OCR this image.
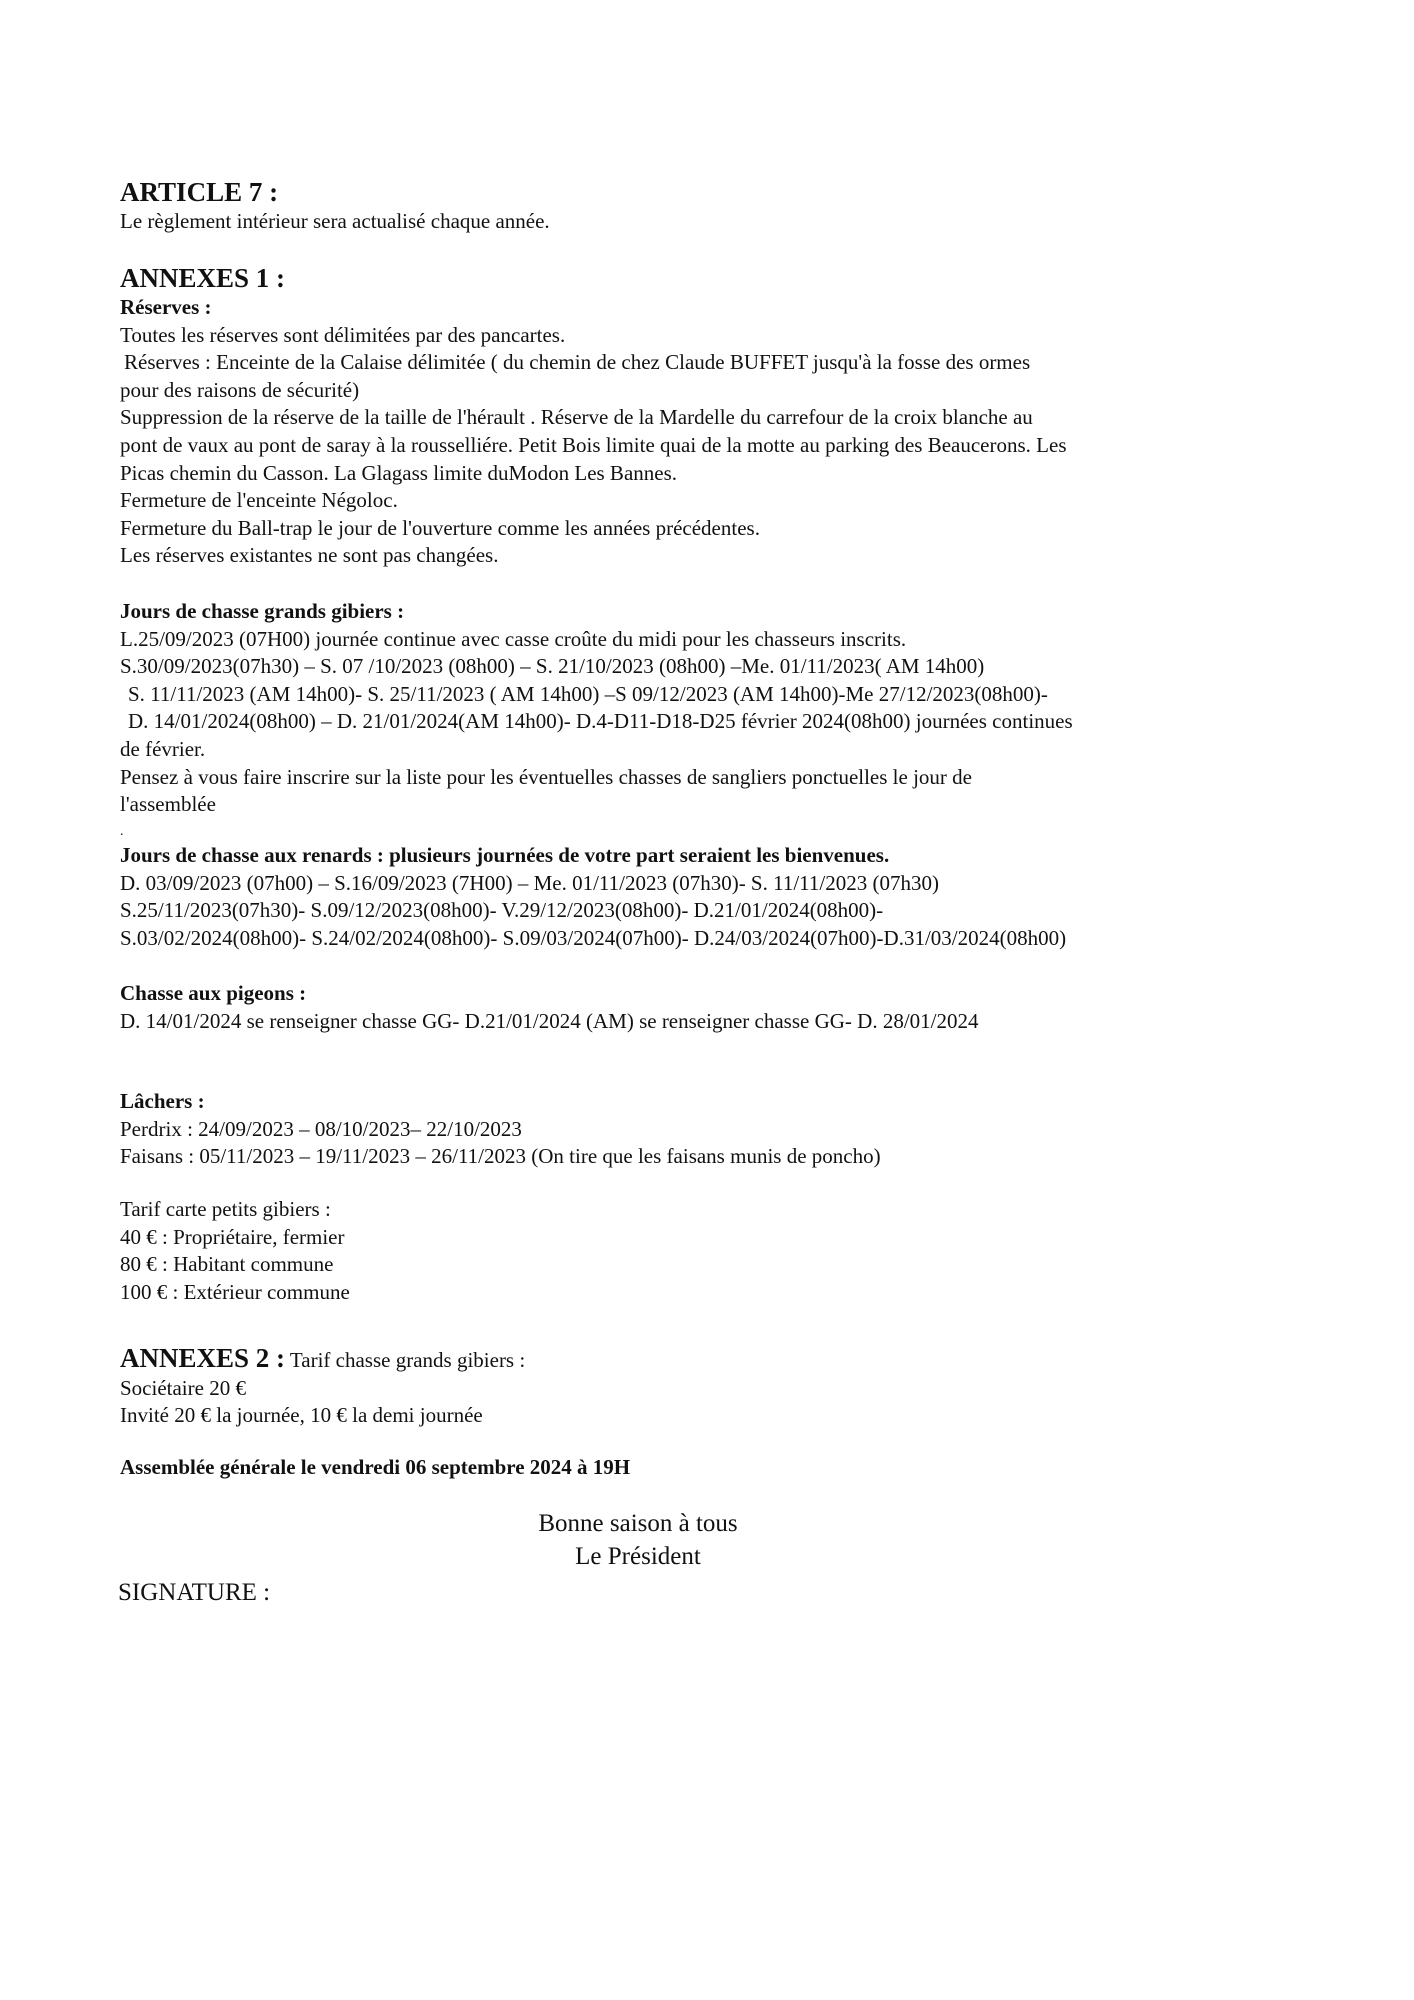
ARTICLE 7 :
Le règlement intérieur sera actualisé chaque année.
ANNEXES 1 :
Réserves :
Toutes les réserves sont délimitées par des pancartes.
Réserves : Enceinte de la Calaise délimitée ( du chemin de chez Claude BUFFET jusqu'à la fosse des ormes
pour des raisons de sécurité)
Suppression de la réserve de la taille de l'hérault . Réserve de la Mardelle du carrefour de la croix blanche au
pont de vaux au pont de saray à la rousselliére. Petit Bois limite quai de la motte au parking des Beaucerons. Les
Picas chemin du Casson. La Glagass limite duModon Les Bannes.
Fermeture de l'enceinte Négoloc.
Fermeture du Ball-trap le jour de l'ouverture comme les années précédentes.
Les réserves existantes ne sont pas changées.
Jours de chasse grands gibiers :
L.25/09/2023 (07H00) journée continue avec casse croûte du midi pour les chasseurs inscrits.
S.30/09/2023(07h30) – S. 07 /10/2023 (08h00) – S. 21/10/2023 (08h00) –Me. 01/11/2023( AM 14h00)
S. 11/11/2023 (AM 14h00)- S. 25/11/2023 ( AM 14h00) –S 09/12/2023 (AM 14h00)-Me 27/12/2023(08h00)-
D. 14/01/2024(08h00) – D. 21/01/2024(AM 14h00)- D.4-D11-D18-D25 février 2024(08h00) journées continues
de février.
Pensez à vous faire inscrire sur la liste pour les éventuelles chasses de sangliers ponctuelles le jour de
l'assemblée
.
Jours de chasse aux renards : plusieurs journées de votre part seraient les bienvenues.
D. 03/09/2023 (07h00) – S.16/09/2023 (7H00) – Me. 01/11/2023 (07h30)- S. 11/11/2023 (07h30)
S.25/11/2023(07h30)- S.09/12/2023(08h00)- V.29/12/2023(08h00)- D.21/01/2024(08h00)-
S.03/02/2024(08h00)- S.24/02/2024(08h00)- S.09/03/2024(07h00)- D.24/03/2024(07h00)-D.31/03/2024(08h00)
Chasse aux pigeons :
D. 14/01/2024 se renseigner chasse GG- D.21/01/2024 (AM) se renseigner chasse GG- D. 28/01/2024
Lâchers :
Perdrix : 24/09/2023 – 08/10/2023– 22/10/2023
Faisans : 05/11/2023 – 19/11/2023 – 26/11/2023 (On tire que les faisans munis de poncho)
Tarif carte petits gibiers :
40 € : Propriétaire, fermier
80 € : Habitant commune
100 € : Extérieur commune
ANNEXES 2 : Tarif chasse grands gibiers :
Sociétaire 20 €
Invité 20 € la journée, 10 € la demi journée
Assemblée générale le vendredi 06 septembre 2024 à 19H
Bonne saison à tous
Le Président
SIGNATURE :
